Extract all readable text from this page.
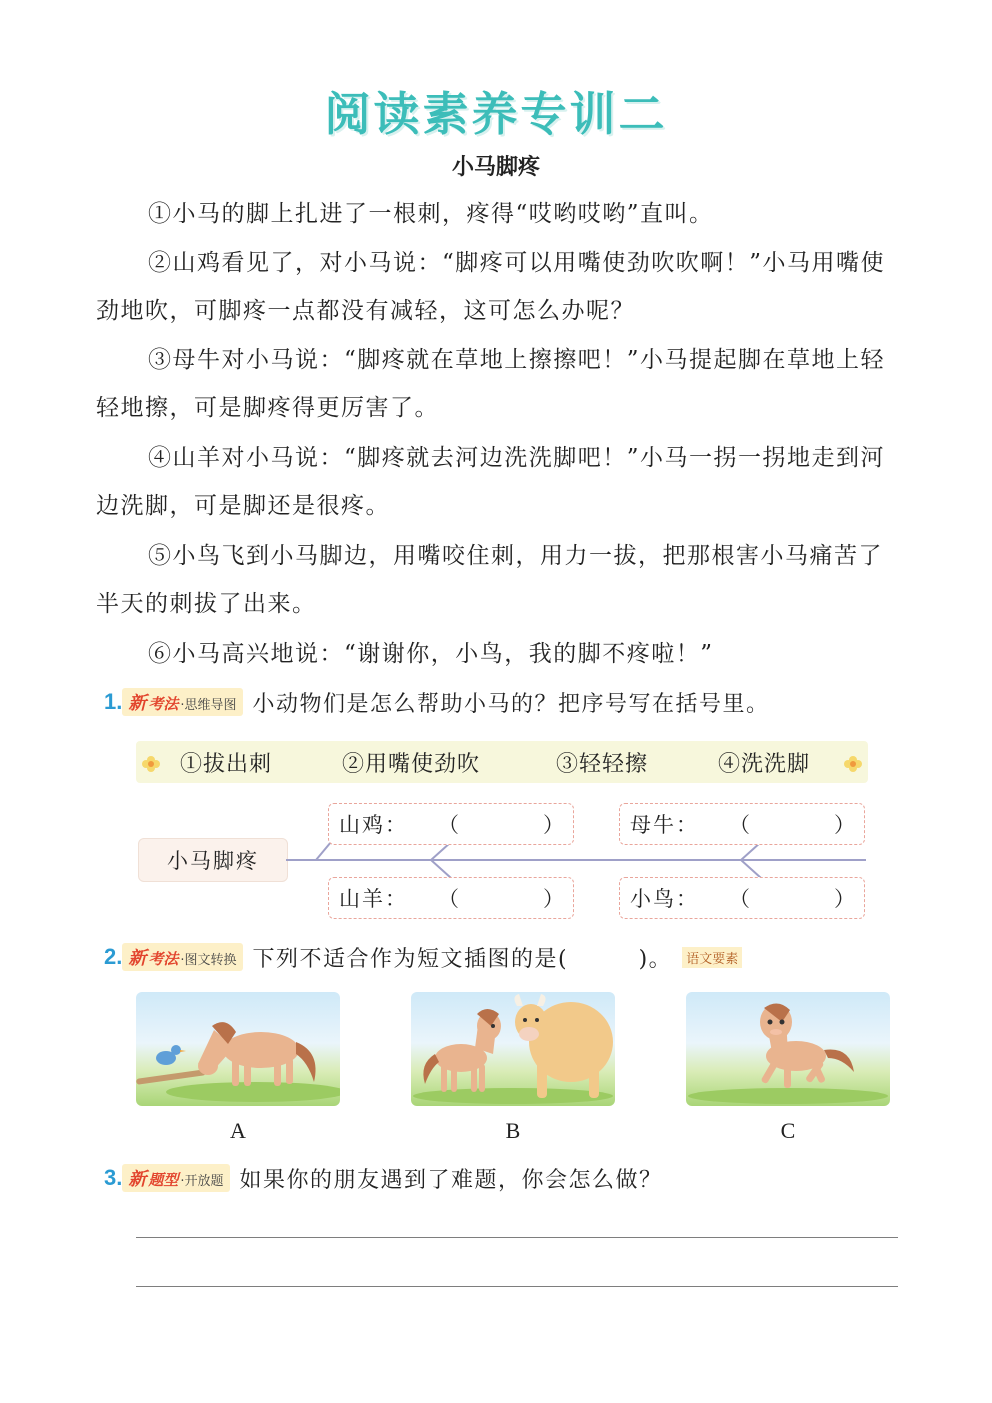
阅读素养专训二
小马脚疼
①小马的脚上扎进了一根刺，疼得“哎哟哎哟”直叫。
②山鸡看见了，对小马说：“脚疼可以用嘴使劲吹吹啊！”小马用嘴使劲地吹，可脚疼一点都没有减轻，这可怎么办呢？
③母牛对小马说：“脚疼就在草地上擦擦吧！”小马提起脚在草地上轻轻地擦，可是脚疼得更厉害了。
④山羊对小马说：“脚疼就去河边洗洗脚吧！”小马一拐一拐地走到河边洗脚，可是脚还是很疼。
⑤小鸟飞到小马脚边，用嘴咬住刺，用力一拔，把那根害小马痛苦了半天的刺拔了出来。
⑥小马高兴地说：“谢谢你，小鸟，我的脚不疼啦！”
1. 新 考法 ·思维导图 小动物们是怎么帮助小马的？把序号写在括号里。
①拔出刺	②用嘴使劲吹	③轻轻擦	④洗洗脚
小马脚疼
山鸡： （　　　　）	母牛： （　　　　）
山羊： （　　　　）	小鸟： （　　　　）
2. 新 考法 ·图文转换 下列不适合作为短文插图的是(　　　)。	语文要素
A	B	C
3. 新 题型 ·开放题 如果你的朋友遇到了难题，你会怎么做？
